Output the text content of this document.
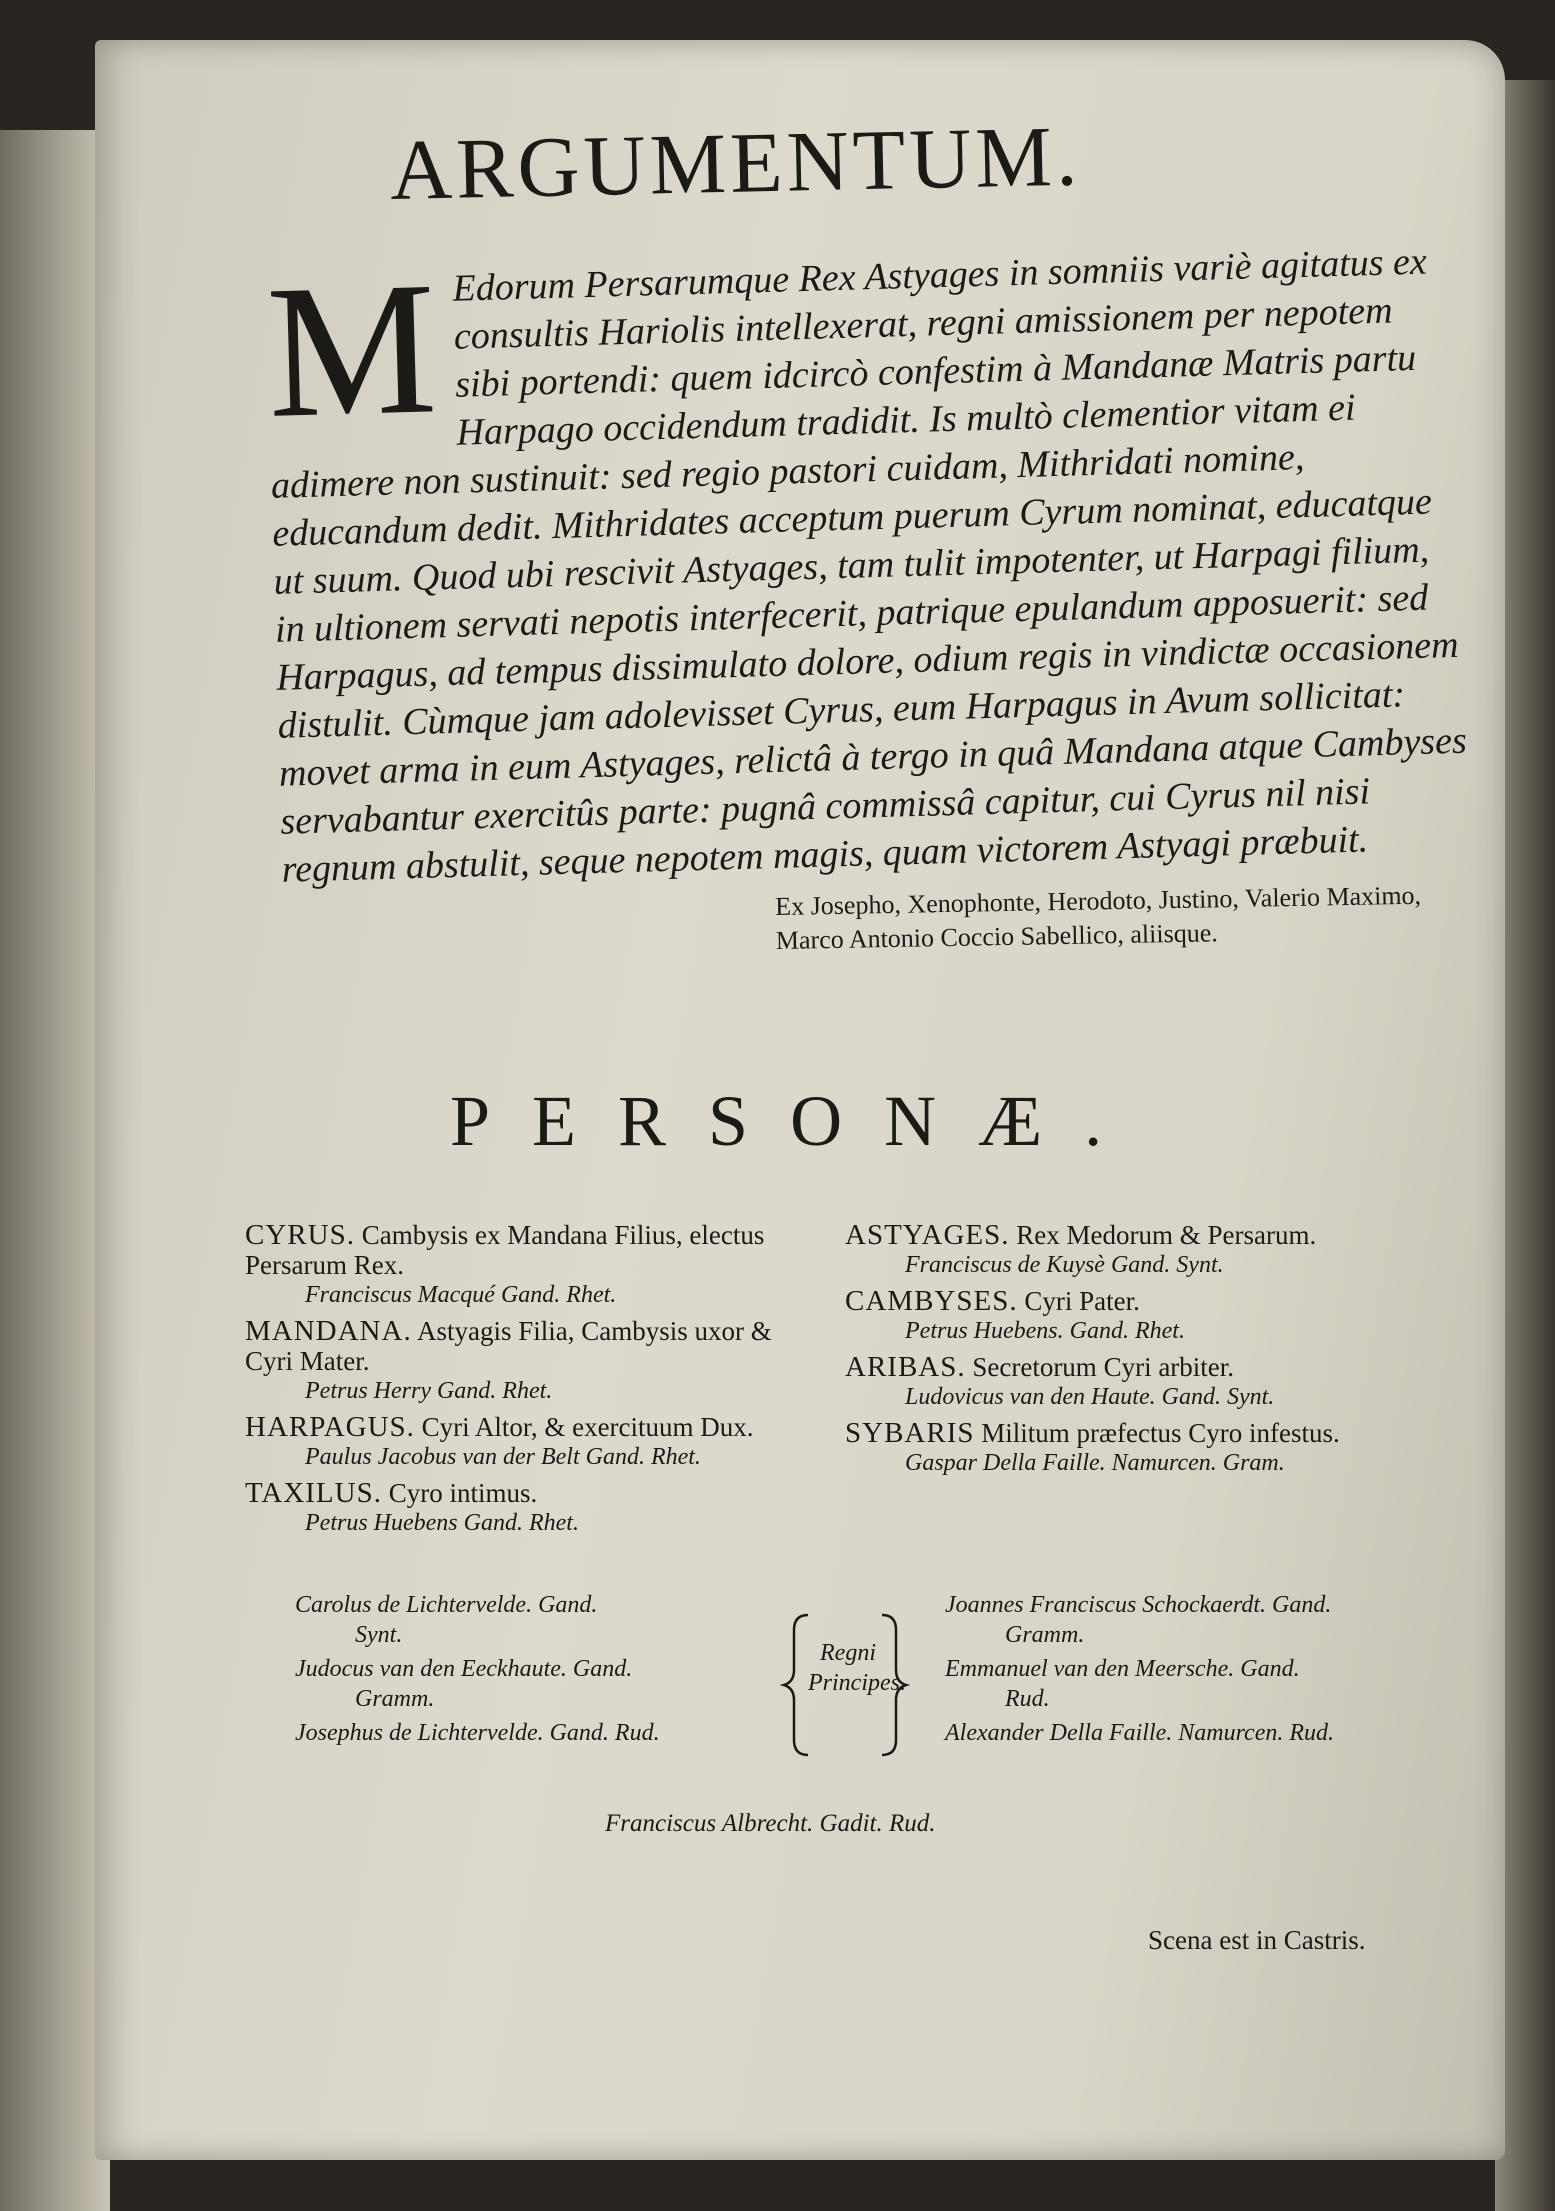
ARGUMENTUM.

M Edorum Persarumque Rex Astyages in somniis variè agitatus ex consultis Hariolis intellexerat, regni amissionem per nepotem sibi portendi: quem idcircò confestim à Mandanæ Matris partu Harpago occidendum tradidit. Is multò clementior vitam ei adimere non sustinuit: sed regio pastori cuidam, Mithridati nomine, educandum dedit. Mithridates acceptum puerum Cyrum nominat, educatque ut suum. Quod ubi rescivit Astyages, tam tulit impotenter, ut Harpagi filium, in ultionem servati nepotis interfecerit, patrique epulandum apposuerit: sed Harpagus, ad tempus dissimulato dolore, odium regis in vindictæ occasionem distulit. Cùmque jam adolevisset Cyrus, eum Harpagus in Avum sollicitat: movet arma in eum Astyages, relictâ à tergo in quâ Mandana atque Cambyses servabantur exercitûs parte: pugnâ commissâ capitur, cui Cyrus nil nisi regnum abstulit, seque nepotem magis, quam victorem Astyagi præbuit.

Ex Josepho, Xenophonte, Herodoto, Justino, Valerio Maximo, Marco Antonio Coccio Sabellico, aliisque.

PERSONÆ.

CYRUS. Cambysis ex Mandana Filius, electus Persarum Rex.

Franciscus Macqué Gand. Rhet.

MANDANA. Astyagis Filia, Cambysis uxor & Cyri Mater.

Petrus Herry Gand. Rhet.

HARPAGUS. Cyri Altor, & exercituum Dux.

Paulus Jacobus van der Belt Gand. Rhet.

TAXILUS. Cyro intimus.

Petrus Huebens Gand. Rhet.

ASTYAGES. Rex Medorum & Persarum.

Franciscus de Kuysè Gand. Synt.

CAMBYSES. Cyri Pater.

Petrus Huebens. Gand. Rhet.

ARIBAS. Secretorum Cyri arbiter.

Ludovicus van den Haute. Gand. Synt.

SYBARIS Militum præfectus Cyro infestus.

Gaspar Della Faille. Namurcen. Gram.

Carolus de Lichtervelde. Gand.
Synt.

Judocus van den Eeckhaute. Gand.
Gramm.

Josephus de Lichtervelde. Gand. Rud.

Regni Principes.

Joannes Franciscus Schockaerdt. Gand.
Gramm.

Emmanuel van den Meersche. Gand.
Rud.

Alexander Della Faille. Namurcen. Rud.

Franciscus Albrecht. Gadit. Rud.

Scena est in Castris.
